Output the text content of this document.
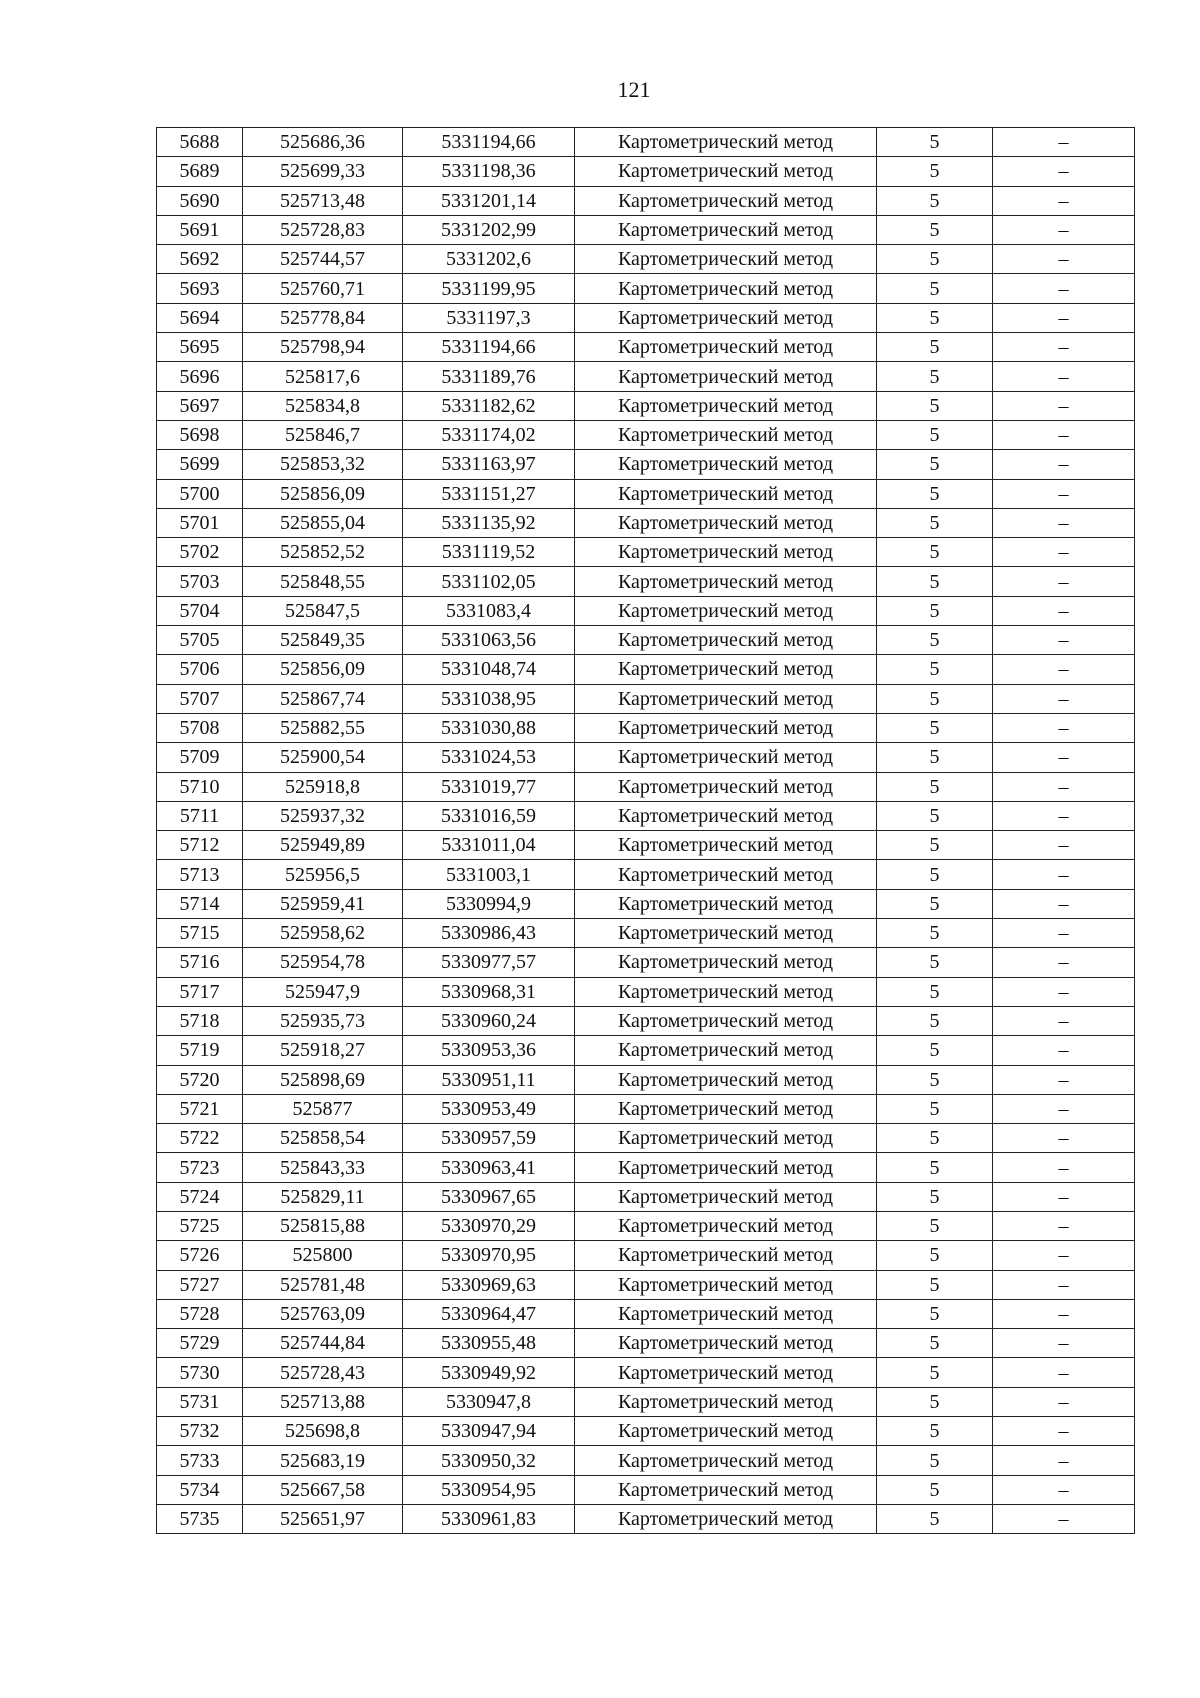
121
5688	525686,36	5331194,66	Картометрический метод	5	–
5689	525699,33	5331198,36	Картометрический метод	5	–
5690	525713,48	5331201,14	Картометрический метод	5	–
5691	525728,83	5331202,99	Картометрический метод	5	–
5692	525744,57	5331202,6	Картометрический метод	5	–
5693	525760,71	5331199,95	Картометрический метод	5	–
5694	525778,84	5331197,3	Картометрический метод	5	–
5695	525798,94	5331194,66	Картометрический метод	5	–
5696	525817,6	5331189,76	Картометрический метод	5	–
5697	525834,8	5331182,62	Картометрический метод	5	–
5698	525846,7	5331174,02	Картометрический метод	5	–
5699	525853,32	5331163,97	Картометрический метод	5	–
5700	525856,09	5331151,27	Картометрический метод	5	–
5701	525855,04	5331135,92	Картометрический метод	5	–
5702	525852,52	5331119,52	Картометрический метод	5	–
5703	525848,55	5331102,05	Картометрический метод	5	–
5704	525847,5	5331083,4	Картометрический метод	5	–
5705	525849,35	5331063,56	Картометрический метод	5	–
5706	525856,09	5331048,74	Картометрический метод	5	–
5707	525867,74	5331038,95	Картометрический метод	5	–
5708	525882,55	5331030,88	Картометрический метод	5	–
5709	525900,54	5331024,53	Картометрический метод	5	–
5710	525918,8	5331019,77	Картометрический метод	5	–
5711	525937,32	5331016,59	Картометрический метод	5	–
5712	525949,89	5331011,04	Картометрический метод	5	–
5713	525956,5	5331003,1	Картометрический метод	5	–
5714	525959,41	5330994,9	Картометрический метод	5	–
5715	525958,62	5330986,43	Картометрический метод	5	–
5716	525954,78	5330977,57	Картометрический метод	5	–
5717	525947,9	5330968,31	Картометрический метод	5	–
5718	525935,73	5330960,24	Картометрический метод	5	–
5719	525918,27	5330953,36	Картометрический метод	5	–
5720	525898,69	5330951,11	Картометрический метод	5	–
5721	525877	5330953,49	Картометрический метод	5	–
5722	525858,54	5330957,59	Картометрический метод	5	–
5723	525843,33	5330963,41	Картометрический метод	5	–
5724	525829,11	5330967,65	Картометрический метод	5	–
5725	525815,88	5330970,29	Картометрический метод	5	–
5726	525800	5330970,95	Картометрический метод	5	–
5727	525781,48	5330969,63	Картометрический метод	5	–
5728	525763,09	5330964,47	Картометрический метод	5	–
5729	525744,84	5330955,48	Картометрический метод	5	–
5730	525728,43	5330949,92	Картометрический метод	5	–
5731	525713,88	5330947,8	Картометрический метод	5	–
5732	525698,8	5330947,94	Картометрический метод	5	–
5733	525683,19	5330950,32	Картометрический метод	5	–
5734	525667,58	5330954,95	Картометрический метод	5	–
5735	525651,97	5330961,83	Картометрический метод	5	–
